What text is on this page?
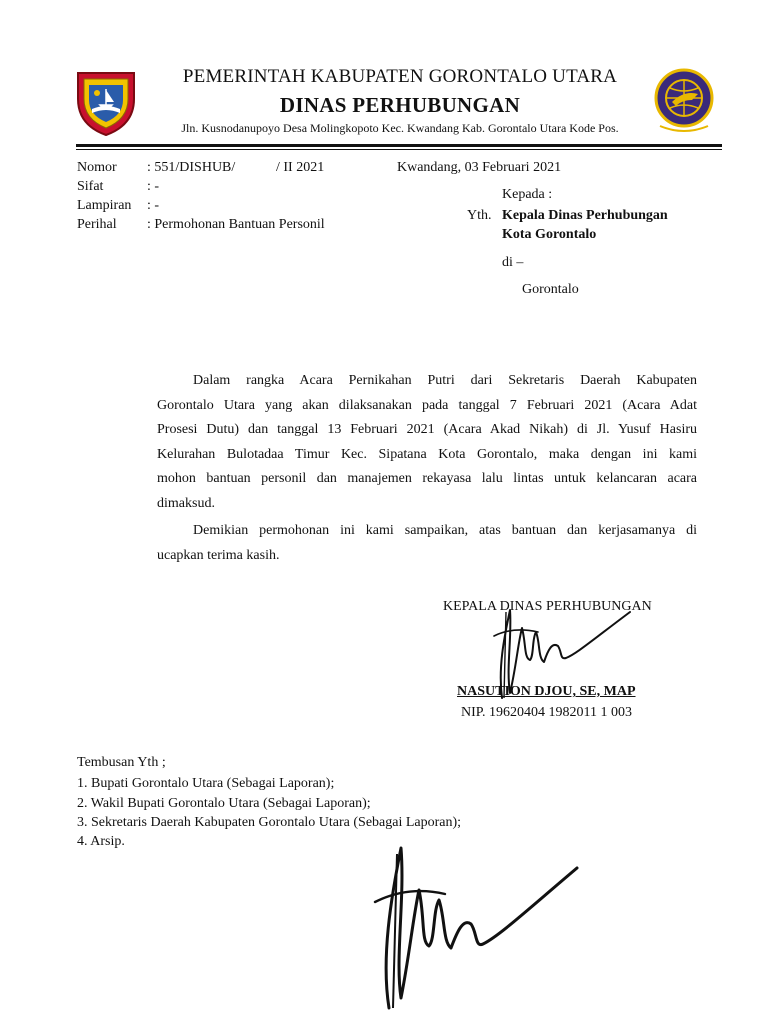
PEMERINTAH KABUPATEN GORONTALO UTARA
DINAS PERHUBUNGAN
Jln. Kusnodanupoyo Desa Molingkopoto Kec. Kwandang Kab. Gorontalo Utara Kode Pos.
Nomor : 551/DISHUB/	/ II 2021	Kwandang, 03 Februari 2021
Sifat	: -
Lampiran : -
Perihal : Permohonan Bantuan Personil
Kepada :
Yth. Kepala Dinas Perhubungan
Kota Gorontalo
di –
Gorontalo
Dalam rangka Acara Pernikahan Putri dari Sekretaris Daerah Kabupaten
Gorontalo Utara yang akan dilaksanakan pada tanggal 7 Februari 2021 (Acara Adat
Prosesi Dutu) dan tanggal 13 Februari 2021 (Acara Akad Nikah) di Jl. Yusuf Hasiru
Kelurahan Bulotadaa Timur Kec. Sipatana Kota Gorontalo, maka dengan ini kami
mohon bantuan personil dan manajemen rekayasa lalu lintas untuk kelancaran acara
dimaksud.
Demikian permohonan ini kami sampaikan, atas bantuan dan kerjasamanya di
ucapkan terima kasih.
KEPALA DINAS PERHUBUNGAN
NASUTION DJOU, SE, MAP
NIP. 19620404 1982011 1 003
Tembusan Yth ;
1. Bupati Gorontalo Utara (Sebagai Laporan);
2. Wakil Bupati Gorontalo Utara (Sebagai Laporan);
3. Sekretaris Daerah Kabupaten Gorontalo Utara (Sebagai Laporan);
4. Arsip.
